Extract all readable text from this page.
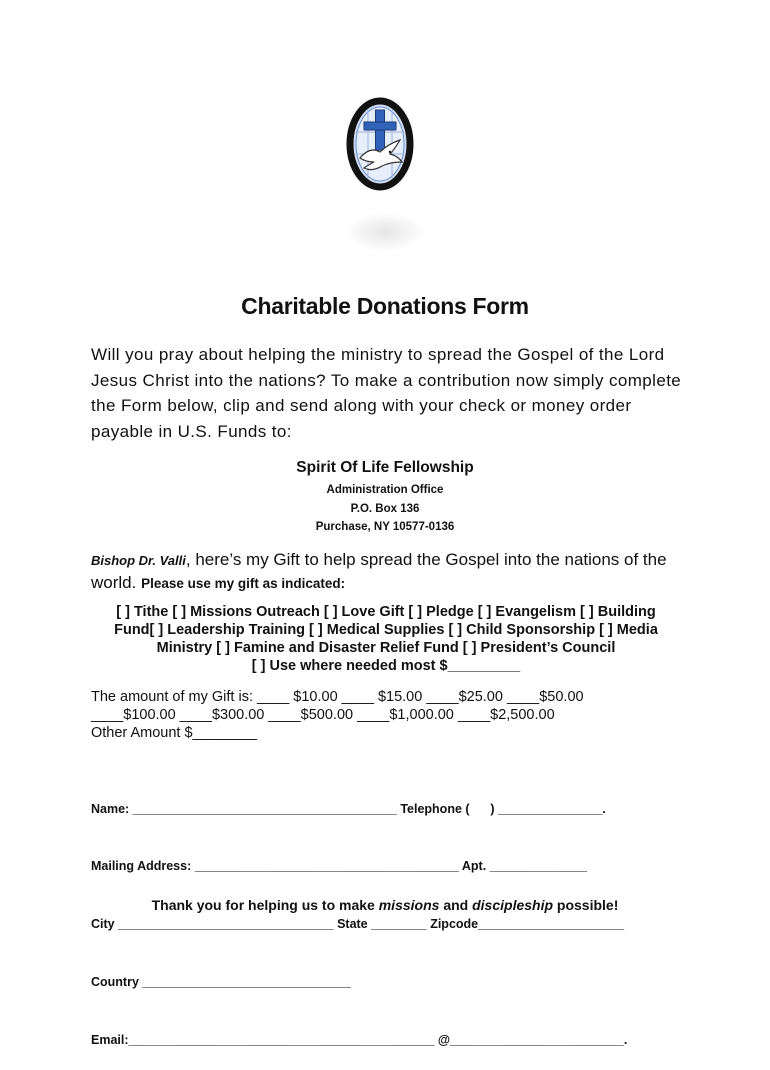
Charitable Donations Form
Will you pray about helping the ministry to spread the Gospel of the Lord Jesus Christ into the nations? To make a contribution now simply complete the Form below, clip and send along with your check or money order payable in U.S. Funds to:
Spirit Of Life Fellowship
Administration Office
P.O. Box 136
Purchase, NY 10577-0136
Bishop Dr. Valli, here’s my Gift to help spread the Gospel into the nations of the world. Please use my gift as indicated:
[ ] Tithe [ ] Missions Outreach [ ] Love Gift [ ] Pledge [ ] Evangelism [ ] Building
Fund[ ] Leadership Training [ ] Medical Supplies [ ] Child Sponsorship [ ] Media
Ministry [ ] Famine and Disaster Relief Fund [ ] President’s Council
[ ] Use where needed most $_________
The amount of my Gift is: ____ $10.00 ____ $15.00 ____$25.00 ____$50.00
____$100.00 ____$300.00 ____$500.00 ____$1,000.00 ____$2,500.00
Other Amount $________

Name: ______________________________________ Telephone (      ) _______________.

Mailing Address: ______________________________________ Apt. ______________

City _______________________________ State ________ Zipcode_____________________

Country ______________________________

Email:____________________________________________ @_________________________.

Thank you for helping us to make missions and discipleship possible!
